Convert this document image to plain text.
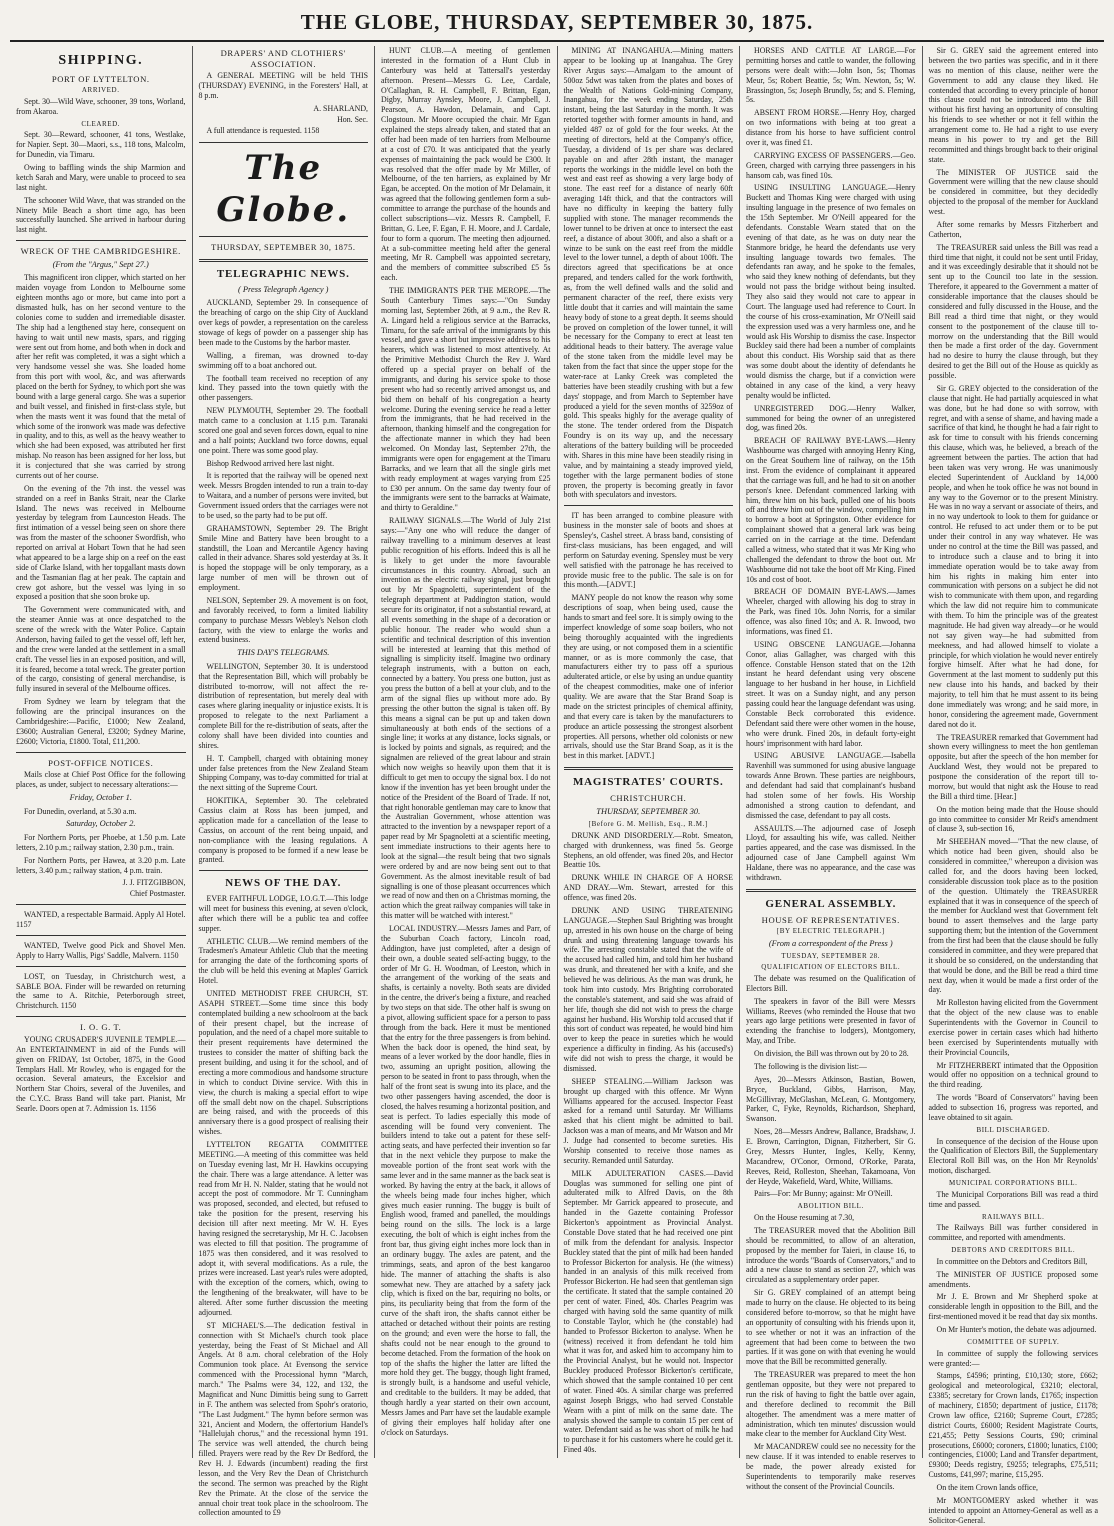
THE GLOBE, THURSDAY, SEPTEMBER 30, 1875.
SHIPPING.
PORT OF LYTTELTON.
ARRIVED.

Sept. 30—Wild Wave, schooner, 39 tons, Worland, from Akaroa.

CLEARED.

Sept. 30—Reward, schooner, 41 tons, Westlake, for Napier. Sept. 30—Maori, s.s., 118 tons, Malcolm, for Dunedin, via Timaru.

Owing to baffling winds the ship Marmion and ketch Sarah and Mary, were unable to proceed to sea last night.

The schooner Wild Wave, that was stranded on the Ninety Mile Beach a short time ago, has been successfully launched. She arrived in harbour during last night.

WRECK OF THE CAMBRIDGESHIRE.
(From the "Argus," Sept 27.)

This magnificent iron clipper, which started on her maiden voyage from London to Melbourne some eighteen months ago or more, but came into port a dismasted hulk, has on her second venture to the colonies come to sudden and irremediable disaster. The ship had a lengthened stay here, consequent on having to wait until new masts, spars, and rigging were sent out from home, and both when in dock and after her refit was completed, it was a sight which a very handsome vessel she was. She loaded home from this port with wool, &c, and was afterwards placed on the berth for Sydney, to which port she was bound with a large general cargo. She was a superior and built vessel, and finished in first-class style, but when the masts went it was found that the metal of which some of the ironwork was made was defective in quality, and to this, as well as the heavy weather to which she had been exposed, was attributed her first mishap. No reason has been assigned for her loss, but it is conjectured that she was carried by strong currents out of her course.

On the evening of the 7th inst. the vessel was stranded on a reef in Banks Strait, near the Clarke Island. The news was received in Melbourne yesterday by telegram from Launceston Heads. The first intimation of a vessel being seen on shore there was from the master of the schooner Swordfish, who reported on arrival at Hobart Town that he had seen what appeared to be a large ship on a reef on the east side of Clarke Island, with her topgallant masts down and the Tasmanian flag at her peak. The captain and crew got ashore, but the vessel was lying in so exposed a position that she soon broke up.

The Government were communicated with, and the steamer Annie was at once despatched to the scene of the wreck with the Water Police. Captain Anderson, having failed to get the vessel off, left her, and the crew were landed at the settlement in a small craft. The vessel lies in an exposed position, and will, it is feared, become a total wreck. The greater portion of the cargo, consisting of general merchandise, is fully insured in several of the Melbourne offices.

From Sydney we learn by telegram that the following are the principal insurances on the Cambridgeshire:—Pacific, £1000; New Zealand, £3600; Australian General, £3200; Sydney Marine, £2600; Victoria, £1800. Total, £11,200.

POST-OFFICE NOTICES.

Mails close at Chief Post Office for the following places, as under, subject to necessary alterations:—

Friday, October 1.

For Dunedin, overland, at 5.30 a.m.

Saturday, October 2.

For Northern Ports, per Phoebe, at 1.50 p.m. Late letters, 2.10 p.m.; railway station, 2.30 p.m., train.

For Northern Ports, per Hawea, at 3.20 p.m. Late letters, 3.40 p.m.; railway station, 4 p.m. train.

J. J. FITZGIBBON,
Chief Postmaster.

WANTED, a respectable Barmaid. Apply Al Hotel. 1157

WANTED, Twelve good Pick and Shovel Men. Apply to Harry Wallis, Pigs' Saddle, Malvern. 1150

LOST, on Tuesday, in Christchurch west, a SABLE BOA. Finder will be rewarded on returning the same to A. Ritchie, Peterborough street, Christchurch. 1150

I. O. G. T.

YOUNG CRUSADER'S JUVENILE TEMPLE.—An ENTERTAINMENT in aid of the Funds will given on FRIDAY, 1st October, 1875, in the Good Templars Hall. Mr Rowley, who is engaged for the occasion. Several amateurs, the Excelsior and Northern Star Choirs, several of the Juveniles, and the C.Y.C. Brass Band will take part. Pianist, Mr Searle. Doors open at 7. Admission 1s. 1156

DRAPERS' AND CLOTHIERS' ASSOCIATION.

A GENERAL MEETING will be held THIS (THURSDAY) EVENING, in the Foresters' Hall, at 8 p.m.

A. SHARLAND,
Hon. Sec.

A full attendance is requested. 1158

The Globe.
THURSDAY, SEPTEMBER 30, 1875.
TELEGRAPHIC NEWS.
( Press Telegraph Agency )

AUCKLAND, September 29. In consequence of the breaching of cargo on the ship City of Auckland over kegs of powder, a representation on the careless stowage of kegs of powder on a passenger ship has been made to the Customs by the harbor master.

Walling, a fireman, was drowned to-day swimming off to a boat anchored out.

The football team received no reception of any kind. They passed into the town quietly with the other passengers.

NEW PLYMOUTH, September 29. The football match came to a conclusion at 1.15 p.m. Taranaki scored one goal and seven forces down, equal to nine and a half points; Auckland two force downs, equal one point. There was some good play.

Bishop Redwood arrived here last night.

It is reported that the railway will be opened next week. Messrs Brogden intended to run a train to-day to Waitara, and a number of persons were invited, but Government issued orders that the carriages were not to be used, so the party had to be put off.

GRAHAMSTOWN, September 29. The Bright Smile Mine and Battery have been brought to a standstill, the Loan and Mercantile Agency having called in their advance. Shares sold yesterday at 3s. It is hoped the stoppage will be only temporary, as a large number of men will be thrown out of employment.

NELSON, September 29. A movement is on foot, and favorably received, to form a limited liability company to purchase Messrs Webley's Nelson cloth factory, with the view to enlarge the works and extend business.

THIS DAY'S TELEGRAMS.

WELLINGTON, September 30. It is understood that the Representation Bill, which will probably be distributed to-morrow, will not affect the re-distribution of representation, but merely deal with cases where glaring inequality or injustice exists. It is proposed to relegate to the next Parliament a complete Bill for the re-distribution of seats, after the colony shall have been divided into counties and shires.

H. T. Campbell, charged with obtaining money under false pretences from the New Zealand Steam Shipping Company, was to-day committed for trial at the next sitting of the Supreme Court.

HOKITIKA, September 30. The celebrated Cassius claim at Ross has been jumped, and application made for a cancellation of the lease to Cassius, on account of the rent being unpaid, and non-compliance with the leasing regulations. A company is proposed to be formed if a new lease be granted.

NEWS OF THE DAY.

EVER FAITHFUL LODGE, I.O.G.T.—This lodge will meet for business this evening, at seven o'clock, after which there will be a public tea and coffee supper.

ATHLETIC CLUB.—We remind members of the Tradesmen's Amateur Athletic Club that the meeting for arranging the date of the forthcoming sports of the club will be held this evening at Maples' Garrick Hotel.

UNITED METHODIST FREE CHURCH, ST. ASAPH STREET.—Some time since this body contemplated building a new schoolroom at the back of their present chapel, but the increase of population, and the need of a chapel more suitable to their present requirements have determined the trustees to consider the matter of shifting back the present building, and using it for the school, and of erecting a more commodious and handsome structure in which to conduct Divine service. With this in view, the church is making a special effort to wipe off the small debt now on the chapel. Subscriptions are being raised, and with the proceeds of this anniversary there is a good prospect of realising their wishes.

LYTTELTON REGATTA COMMITTEE MEETING.—A meeting of this committee was held on Tuesday evening last, Mr H. Hawkins occupying the chair. There was a large attendance. A letter was read from Mr H. N. Nalder, stating that he would not accept the post of commodore. Mr T. Cunningham was proposed, seconded, and elected, but refused to take the position for the present, reserving his decision till after next meeting. Mr W. H. Eyes having resigned the secretaryship, Mr H. C. Jacobsen was elected to fill that position. The programme of 1875 was then considered, and it was resolved to adopt it, with several modifications. As a rule, the prizes were increased. Last year's rules were adopted, with the exception of the corners, which, owing to the lengthening of the breakwater, will have to be altered. After some further discussion the meeting adjourned.

ST MICHAEL'S.—The dedication festival in connection with St Michael's church took place yesterday, being the Feast of St Michael and All Angels. At 8 a.m. choral celebration of the Holy Communion took place. At Evensong the service commenced with the Processional hymn "March, march." The Psalms were 34, 122, and 132, the Magnificat and Nunc Dimittis being sung to Garrett in F. The anthem was selected from Spohr's oratorio, "The Last Judgment." The hymn before sermon was 321, Ancient and Modern, the offertorium Handel's "Hallelujah chorus," and the recessional hymn 191. The service was well attended, the church being filled. Prayers were read by the Rev Dr Bedford, the Rev H. J. Edwards (incumbent) reading the first lesson, and the Very Rev the Dean of Christchurch the second. The sermon was preached by the Right Rev the Primate. At the close of the service the annual choir treat took place in the schoolroom. The collection amounted to £9

HUNT CLUB.—A meeting of gentlemen interested in the formation of a Hunt Club in Canterbury was held at Tattersall's yesterday afternoon. Present—Messrs G. Lee, Cardale, O'Callaghan, R. H. Campbell, F. Brittan, Egan, Digby, Murray Aynsley, Moore, J. Campbell, J. Pearson, A. Hawdon, Delamain, and Capt. Clogstoun. Mr Moore occupied the chair. Mr Egan explained the steps already taken, and stated that an offer had been made of ten harriers from Melbourne at a cost of £70. It was anticipated that the yearly expenses of maintaining the pack would be £300. It was resolved that the offer made by Mr Miller, of Melbourne, of the ten harriers, as explained by Mr Egan, be accepted. On the motion of Mr Delamain, it was agreed that the following gentlemen form a sub-committee to arrange the purchase of the hounds and collect subscriptions—viz. Messrs R. Campbell, F. Brittan, G. Lee, F. Egan, F. H. Moore, and J. Cardale, four to form a quorum. The meeting then adjourned. At a sub-committee meeting held after the general meeting, Mr R. Campbell was appointed secretary, and the members of committee subscribed £5 5s each.

THE IMMIGRANTS PER THE MEROPE.—The South Canterbury Times says:—"On Sunday morning last, September 26th, at 9 a.m., the Rev R. A. Lingard held a religious service at the Barracks, Timaru, for the safe arrival of the immigrants by this vessel, and gave a short but impressive address to his hearers, which was listened to most attentively. At the Primitive Methodist Church the Rev J. Ward offered up a special prayer on behalf of the immigrants, and during his service spoke to those present who had so recently arrived amongst us, and bid them on behalf of his congregation a hearty welcome. During the evening service he read a letter from the immigrants, that he had received in the afternoon, thanking himself and the congregation for the affectionate manner in which they had been welcomed. On Monday last, September 27th, the immigrants were open for engagement at the Timaru Barracks, and we learn that all the single girls met with ready employment at wages varying from £25 to £30 per annum. On the same day twenty four of the immigrants were sent to the barracks at Waimate, and thirty to Geraldine."

RAILWAY SIGNALS.—The World of July 21st says:—"Any one who will reduce the danger of railway travelling to a minimum deserves at least public recognition of his efforts. Indeed this is all he is likely to get under the more favourable circumstances in this country. Abroad, such an invention as the electric railway signal, just brought out by Mr Spagnoletti, superintendent of the telegraph department at Paddington station, would secure for its originator, if not a substantial reward, at all events something in the shape of a decoration or public honour. The reader who would shun a scientific and technical description of this invention will be interested at learning that this method of signalling is simplicity itself. Imagine two ordinary telegraph instruments, with a button on each, connected by a battery. You press one button, just as you press the button of a bell at your club, and to the arm of the signal flies up without more ado. By pressing the other button the signal is taken off. By this means a signal can be put up and taken down simultaneously at both ends of the sections of a single line; it works at any distance, locks signals, or is locked by points and signals, as required; and the signalmen are relieved of the great labour and strain which now weighs so heavily upon them that it is difficult to get men to occupy the signal box. I do not know if the invention has yet been brought under the notice of the President of the Board of Trade. If not, that right honorable gentleman may care to know that the Australian Government, whose attention was attracted to the invention by a newspaper report of a paper read by Mr Spagnoletti at a scientific meeting, sent immediate instructions to their agents here to look at the signal—the result being that two signals were ordered by and are now being sent out to that Government. As the almost inevitable result of bad signalling is one of those pleasant occurrences which we read of now and then on a Christmas morning, the action which the great railway companies will take in this matter will be watched with interest."

LOCAL INDUSTRY.—Messrs James and Parr, of the Suburban Coach factory, Lincoln road, Addington, have just completed, after a design of their own, a double seated self-acting buggy, to the order of Mr G. H. Woodman, of Leeston, which in the arrangement of the working of the seats and shafts, is certainly a novelty. Both seats are divided in the centre, the driver's being a fixture, and reached by two steps on that side. The other half is swung on a pivot, allowing sufficient space for a person to pass through from the back. Here it must be mentioned that the entry for the three passengers is from behind. When the back door is opened, the hind seat, by means of a lever worked by the door handle, flies in two, assuming an upright position, allowing the person to be seated in front to pass through, when the half of the front seat is swung into its place, and the two other passengers having ascended, the door is closed, the halves resuming a horizontal position, and seat is perfect. To ladies especially this mode of ascending will be found very convenient. The builders intend to take out a patent for these self-acting seats, and have perfected their invention so far that in the next vehicle they purpose to make the moveable portion of the front seat work with the same lever and in the same manner as the back seat is worked. By having the entry at the back, it allows of the wheels being made four inches higher, which gives much easier running. The buggy is built of English wood, framed and panelled, the mouldings being round on the sills. The lock is a large executing, the bolt of which is eight inches from the front bar, thus giving eight inches more lock than in an ordinary buggy. The axles are patent, and the trimmings, seats, and apron of the best kangaroo hide. The manner of attaching the shafts is also somewhat new. They are attached by a safety jack clip, which is fixed on the bar, requiring no bolts, or pins, its peculiarity being that from the form of the curve of the shaft iron, the shafts cannot either be attached or detached without their points are resting on the ground; and even were the horse to fall, the shafts could not be near enough to the ground to become detached. From the formation of the hook on top of the shafts the higher the latter are lifted the more hold they get. The buggy, though light framed, is strongly built, is a handsome and useful vehicle, and creditable to the builders. It may be added, that though hardly a year started on their own account, Messrs James and Parr have set the laudable example of giving their employes half holiday after one o'clock on Saturdays.

MINING AT INANGAHUA.—Mining matters appear to be looking up at Inangahua. The Grey River Argus says:—Amalgam to the amount of 500oz 5dwt was taken from the plates and boxes of the Wealth of Nations Gold-mining Company, Inangahua, for the week ending Saturday, 25th instant, being the last Saturday in the month. It was retorted together with former amounts in hand, and yielded 487 oz of gold for the four weeks. At the meeting of directors, held at the Company's office, Tuesday, a dividend of 1s per share was declared payable on and after 28th instant, the manager reports the workings in the middle level on both the west and east reef as showing a very large body of stone. The east reef for a distance of nearly 60ft averaging 14ft thick, and that the contractors will have no difficulty in keeping the battery fully supplied with stone. The manager recommends the lower tunnel to be driven at once to intersect the east reef, a distance of about 300ft, and also a shaft or a winze to be sunk on the east reef from the middle level to the lower tunnel, a depth of about 100ft. The directors agreed that specifications be at once prepared, and tenders called for the work forthwith, as, from the well defined walls and the solid and permanent character of the reef, there exists very little doubt that it carries and will maintain the same heavy body of stone to a great depth. It seems should be proved on completion of the lower tunnel, it will be necessary for the Company to erect at least ten additional heads to their battery. The average value of the stone taken from the middle level may be taken from the fact that since the upper stope for the water-race at Lanky Creek was completed the batteries have been steadily crushing with but a few days' stoppage, and from March to September have produced a yield for the seven months of 3259oz of gold. This speaks highly for the average quality of the stone. The tender ordered from the Dispatch Foundry is on its way up, and the necessary alterations of the battery building will be proceeded with. Shares in this mine have been steadily rising in value, and by maintaining a steady improved yield, together with the large permanent bodies of stone proven, the property is becoming greatly in favor both with speculators and investors.

IT has been arranged to combine pleasure with business in the monster sale of boots and shoes at Spensley's, Cashel street. A brass band, consisting of first-class musicians, has been engaged, and will perform on Saturday evening. Spensley must be very well satisfied with the patronage he has received to provide music free to the public. The sale is on for this month.—[ADVT.]

MANY people do not know the reason why some descriptions of soap, when being used, cause the hands to smart and feel sore. It is simply owing to the imperfect knowledge of some soap boilers, who not being thoroughly acquainted with the ingredients they are using, or not composed them in a scientific manner, or as is more commonly the case, that manufacturers either try to pass off a spurious adulterated article, or else by using an undue quantity of the cheapest commodities, make one of inferior quality. We are aware that the Star Brand Soap is made on the strictest principles of chemical affinity, and that every care is taken by the manufacturers to produce an article possessing the strongest alsorbent properties. All persons, whether old colonists or new arrivals, should use the Star Brand Soap, as it is the best in this market. [ADVT.]

MAGISTRATES' COURTS.
CHRISTCHURCH.
THURSDAY, SEPTEMBER 30.
[Before G. M. Mellish, Esq., R.M.]

DRUNK AND DISORDERLY.—Robt. Smeaton, charged with drunkenness, was fined 5s. George Stephens, an old offender, was fined 20s, and Hector Beattie 10s.

DRUNK WHILE IN CHARGE OF A HORSE AND DRAY.—Wm. Stewart, arrested for this offence, was fined 20s.

DRUNK AND USING THREATENING LANGUAGE.—Stephen Saul Brighting was brought up, arrested in his own house on the charge of being drunk and using threatening language towards his wife. The arresting constable stated that the wife of the accused had called him, and told him her husband was drunk, and threatened her with a knife, and she believed he was delirious. As the man was drunk, he took him into custody. Mrs Brighting corroborated the constable's statement, and said she was afraid of her life, though she did not wish to press the charge against her husband. His Worship told accused that if this sort of conduct was repeated, he would bind him over to keep the peace in sureties which he would experience a difficulty in finding. As his (accused's) wife did not wish to press the charge, it would be dismissed.

SHEEP STEALING.—William Jackson was brought up charged with this offence. Mr Wynn Williams appeared for the accused. Inspector Feast asked for a remand until Saturday. Mr Williams asked that his client might be admitted to bail. Jackson was a man of means, and Mr Watson and Mr J. Judge had consented to become sureties. His Worship consented to receive those names as security. Remanded until Saturday.

MILK ADULTERATION CASES.—David Douglas was summoned for selling one pint of adulterated milk to Alfred Davis, on the 8th September. Mr Garrick appeared to prosecute, and handed in the Gazette containing Professor Bickerton's appointment as Provincial Analyst. Constable Dove stated that he had received one pint of milk from the defendant for analysis. Inspector Buckley stated that the pint of milk had been handed to Professor Bickerton for analysis. He (the witness) handed in an analysis of this milk received from Professor Bickerton. He had seen that gentleman sign the certificate. It stated that the sample contained 20 per cent of water. Fined, 40s. Charles Peagrim was charged with having sold the same quantity of milk to Constable Taylor, which he (the constable) had handed to Professor Bickerton to analyse. When he (witness) received it from defendant he told him what it was for, and asked him to accompany him to the Provincial Analyst, but he would not. Inspector Buckley produced Professor Bickerton's certificate, which showed that the sample contained 10 per cent of water. Fined 40s. A similar charge was preferred against Joseph Briggs, who had served Constable Wearn with a pint of milk on the same date. The analysis showed the sample to contain 15 per cent of water. Defendant said as he was short of milk he had to purchase it for his customers where he could get it. Fined 40s.

HORSES AND CATTLE AT LARGE.—For permitting horses and cattle to wander, the following persons were dealt with:—John Ison, 5s; Thomas Meur, 5s; Robert Beattie, 5s; Wm. Newton, 5s; W. Brassington, 5s; Joseph Brundly, 5s; and S. Fleming, 5s.

ABSENT FROM HORSE.—Henry Hoy, charged on two informations with being at too great a distance from his horse to have sufficient control over it, was fined £1.

CARRYING EXCESS OF PASSENGERS.—Geo. Green, charged with carrying three passengers in his hansom cab, was fined 10s.

USING INSULTING LANGUAGE.—Henry Buckett and Thomas King were charged with using insulting language in the presence of two females on the 15th September. Mr O'Neill appeared for the defendants. Constable Wearn stated that on the evening of that date, as he was on duty near the Stanmore bridge, he heard the defendants use very insulting language towards two females. The defendants ran away, and he spoke to the females, who said they knew nothing of defendants, but they would not pass the bridge without being insulted. They also said they would not care to appear in Court. The language used had reference to Court. In the course of his cross-examination, Mr O'Neill said the expression used was a very harmless one, and he would ask His Worship to dismiss the case. Inspector Buckley said there had been a number of complaints about this conduct. His Worship said that as there was some doubt about the identity of defendants he would dismiss the charge, but if a conviction were obtained in any case of the kind, a very heavy penalty would be inflicted.

UNREGISTERED DOG.—Henry Walker, summoned for being the owner of an unregistered dog, was fined 20s.

BREACH OF RAILWAY BYE-LAWS.—Henry Washbourne was charged with annoying Henry King, on the Great Southern line of railway, on the 15th inst. From the evidence of complainant it appeared that the carriage was full, and he had to sit on another person's knee. Defendant commenced larking with him, threw him on his back, pulled one of his boots off and threw him out of the window, compelling him to borrow a boot at Springston. Other evidence for complainant showed that a general lark was being carried on in the carriage at the time. Defendant called a witness, who stated that it was Mr King who challenged the defendant to throw the boot out. Mr Washbourne did not take the boot off Mr King. Fined 10s and cost of boot.

BREACH OF DOMAIN BYE-LAWS.—James Wheeler, charged with allowing his dog to stray in the Park, was fined 10s. John Norris, for a similar offence, was also fined 10s; and A. R. Inwood, two informations, was fined £1.

USING OBSCENE LANGUAGE.—Johanna Conor, alias Gallagher, was charged with this offence. Constable Henson stated that on the 12th instant he heard defendant using very obscene language to her husband in her house, in Lichfield street. It was on a Sunday night, and any person passing could hear the language defendant was using. Constable Beck corroborated this evidence. Defendant said there were other women in the house, who were drunk. Fined 20s, in default forty-eight hours' imprisonment with hard labor.

USING ABUSIVE LANGUAGE.—Isabella Ravenhill was summoned for using abusive language towards Anne Brown. These parties are neighbours, and defendant had said that complainant's husband had stolen some of her fowls. His Worship admonished a strong caution to defendant, and dismissed the case, defendant to pay all costs.

ASSAULTS.—The adjourned case of Joseph Lloyd, for assaulting his wife, was called. Neither parties appeared, and the case was dismissed. In the adjourned case of Jane Campbell against Wm Haldane, there was no appearance, and the case was withdrawn.

GENERAL ASSEMBLY.
HOUSE OF REPRESENTATIVES.
[BY ELECTRIC TELEGRAPH.]
(From a correspondent of the Press )
TUESDAY, SEPTEMBER 28.
QUALIFICATION OF ELECTORS BILL.

The debate was resumed on the Qualification of Electors Bill.

The speakers in favor of the Bill were Messrs Williams, Reeves (who reminded the House that two years ago large petitions were presented in favor of extending the franchise to lodgers), Montgomery, May, and Tribe.

On division, the Bill was thrown out by 20 to 28.

The following is the division list:—

Ayes, 20—Messrs Atkinson, Bastian, Bowen, Bryce, Buckland, Gibbs, Harrison, May, McGillivray, McGlashan, McLean, G. Montgomery, Parker, C, Fyke, Reynolds, Richardson, Shephard, Swanson.

Noes, 28—Messrs Andrew, Ballance, Bradshaw, J. E. Brown, Carrington, Dignan, Fitzherbert, Sir G. Grey, Messrs Hunter, Ingles, Kelly, Kenny, Macandrew, O'Conor, Ormond, O'Rorke, Parata, Reeves, Reid, Rolleston, Sheehan, Takamoana, Von der Heyde, Wakefield, Ward, White, Williams.

Pairs—For: Mr Bunny; against: Mr O'Neill.

ABOLITION BILL.

On the House resuming at 7.30,

The TREASURER moved that the Abolition Bill should be recommitted, to allow of an alteration, proposed by the member for Taieri, in clause 16, to introduce the words "Boards of Conservators," and to add a new clause to stand as section 27, which was circulated as a supplementary order paper.

Sir G. GREY complained of an attempt being made to hurry on the clause. He objected to its being considered before to-morrow, so that he might have an opportunity of consulting with his friends upon it, to see whether or not it was an infraction of the agreement that had been come to between the two parties. If it was gone on with that evening he would move that the Bill be recommitted generally.

The TREASURER was prepared to meet the hon gentleman opposite, but they were not prepared to run the risk of having to fight the battle over again, and therefore declined to recommit the Bill altogether. The amendment was a mere matter of administration, which ten minutes' discussion would make clear to the member for Auckland City West.

Mr MACANDREW could see no necessity for the new clause. If it was intended to enable reserves to be made, the power already existed for Superintendents to temporarily make reserves without the consent of the Provincial Councils.

Sir G. GREY said the agreement entered into between the two parties was specific, and in it there was no mention of this clause, neither were the Government to add any clause they liked. He contended that according to every principle of honor this clause could not be introduced into the Bill without his first having an opportunity of consulting his friends to see whether or not it fell within the arrangement come to. He had a right to use every means in his power to try and get the Bill recommitted and things brought back to their original state.

The MINISTER OF JUSTICE said the Government were willing that the new clause should be considered in committee, but they decidedly objected to the proposal of the member for Auckland west.

After some remarks by Messrs Fitzherbert and Catherton,

The TREASURER said unless the Bill was read a third time that night, it could not be sent until Friday, and it was exceedingly desirable that it should not be sent up to the Council too late in the session. Therefore, it appeared to the Government a matter of considerable importance that the clauses should be considered and fully discussed in the House, and the Bill read a third time that night, or they would consent to the postponement of the clause till to-morrow on the understanding that the Bill would then be made a first order of the day. Government had no desire to hurry the clause through, but they desired to get the Bill out of the House as quickly as possible.

Sir G. GREY objected to the consideration of the clause that night. He had partially acquiesced in what was done, but he had done so with sorrow, with regret, and with a sense of shame, and having made a sacrifice of that kind, he thought he had a fair right to ask for time to consult with his friends concerning this clause, which was, he believed, a breach of the agreement between the parties. The action that had been taken was very wrong. He was unanimously elected Superintendent of Auckland by 14,000 people, and when he took office he was not bound in any way to the Governor or to the present Ministry. He was in no way a servant or associate of theirs, and in no way undertook to look to them for guidance or control. He refused to act under them or to be put under their control in any way whatever. He was under no control at the time the Bill was passed, and to introduce such a clause and to bring it into immediate operation would be to take away from him his rights in making him enter into communication with persons on a subject he did not wish to communicate with them upon, and regarding which the law did not require him to communicate with them. To him the principle was of the greatest magnitude. He had given way already—or he would not say given way—he had submitted from meekness, and had allowed himself to violate a principle, for which violation he would never entirely forgive himself. After what he had done, for Government at the last moment to suddenly put this new clause into his hands, and backed by their majority, to tell him that he must assent to its being done immediately was wrong; and he said more, in honor, considering the agreement made, Government dared not do it.

The TREASURER remarked that Government had shown every willingness to meet the hon gentleman opposite, but after the speech of the hon member for Auckland West, they would not be prepared to postpone the consideration of the report till to-morrow, but would that night ask the House to read the Bill a third time. [Hear.]

On the motion being made that the House should go into committee to consider Mr Reid's amendment of clause 3, sub-section 16,

Mr SHEEHAN moved—"That the new clause, of which notice had been given, should also be considered in committee," whereupon a division was called for, and the doors having been locked, considerable discussion took place as to the position of the question. Ultimately the TREASURER explained that it was in consequence of the speech of the member for Auckland west that Government felt bound to assert themselves and the large party supporting them; but the intention of the Government from the first had been that the clause should be fully considered in committee, and they were prepared that it should be so considered, on the understanding that that would be done, and the Bill be read a third time next day, when it would be made a first order of the day.

Mr Rolleston having elicited from the Government that the object of the new clause was to enable Superintendents with the Governor in Council to exercise power in certain cases which had hitherto been exercised by Superintendents mutually with their Provincial Councils,

Mr FITZHERBERT intimated that the Opposition would offer no opposition on a technical ground to the third reading.

The words "Board of Conservators" having been added to subsection 16, progress was reported, and leave obtained to sit again.

BILL DISCHARGED.

In consequence of the decision of the House upon the Qualification of Electors Bill, the Supplementary Electoral Roll Bill was, on the Hon Mr Reynolds' motion, discharged.

MUNICIPAL CORPORATIONS BILL.

The Municipal Corporations Bill was read a third time and passed.

RAILWAYS BILL.

The Railways Bill was further considered in committee, and reported with amendments.

DEBTORS AND CREDITORS BILL.

In committee on the Debtors and Creditors Bill,

The MINISTER OF JUSTICE proposed some amendments.

Mr J. E. Brown and Mr Shepherd spoke at considerable length in opposition to the Bill, and the first-mentioned moved it be read that day six months.

On Mr Hunter's motion, the debate was adjourned.

COMMITTEE OF SUPPLY.

In committee of supply the following services were granted:—

Stamps, £4596; printing, £10,130; store, £662; geological and meteorological, £3210; electoral, £3385; secretary for Crown lands, £1765; inspection of machinery, £1850; department of justice, £1178; Crown law office, £2160; Supreme Court, £7285; district Courts, £6000; Resident Magistrate Courts, £21,455; Petty Sessions Courts, £90; criminal prosecutions, £6000; coroners, £1800; lunatics, £100; contingencies, £1000; Land and Transfer department, £9300; Deeds registry, £9255; telegraphs, £75,511; Customs, £41,997; marine, £15,295.

On the item Crown lands office,

Mr MONTGOMERY asked whether it was intended to appoint an Attorney-General as well as a Solicitor-General.
